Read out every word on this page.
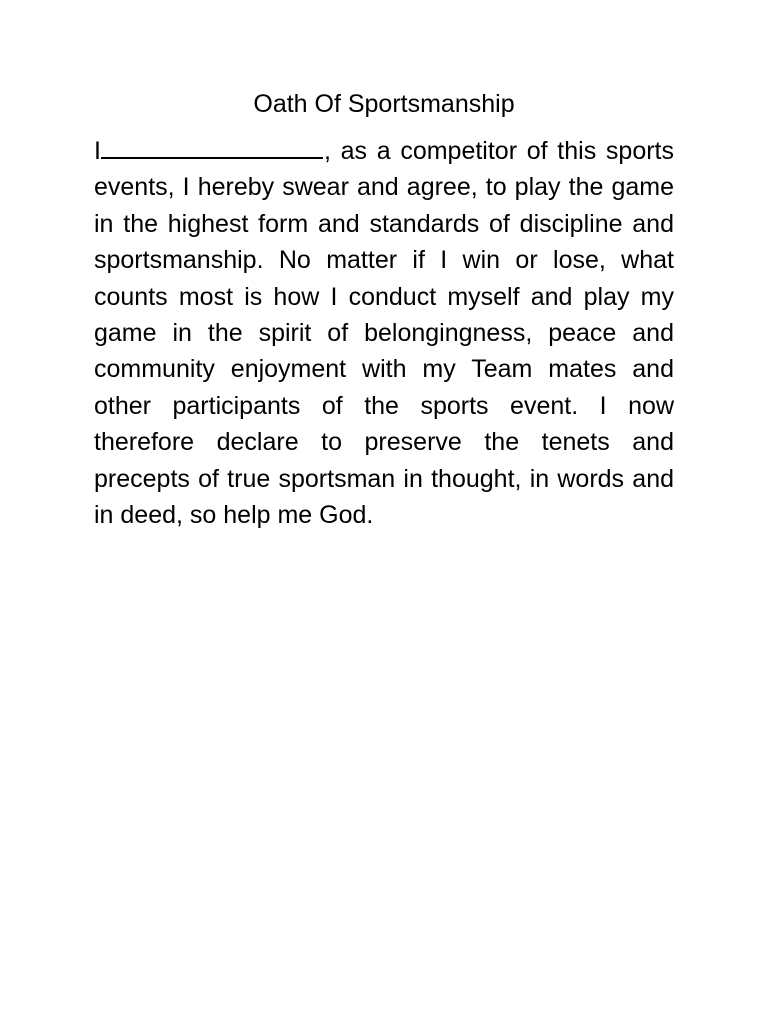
Oath Of Sportsmanship

I	, as a competitor of this sports events, I hereby swear and agree, to play the game in the highest form and standards of discipline and sportsmanship. No matter if I win or lose, what counts most is how I conduct myself and play my game in the spirit of belongingness, peace and community enjoyment with my Team mates and other participants of the sports event. I now therefore declare to preserve the tenets and precepts of true sportsman in thought, in words and in deed, so help me God.
